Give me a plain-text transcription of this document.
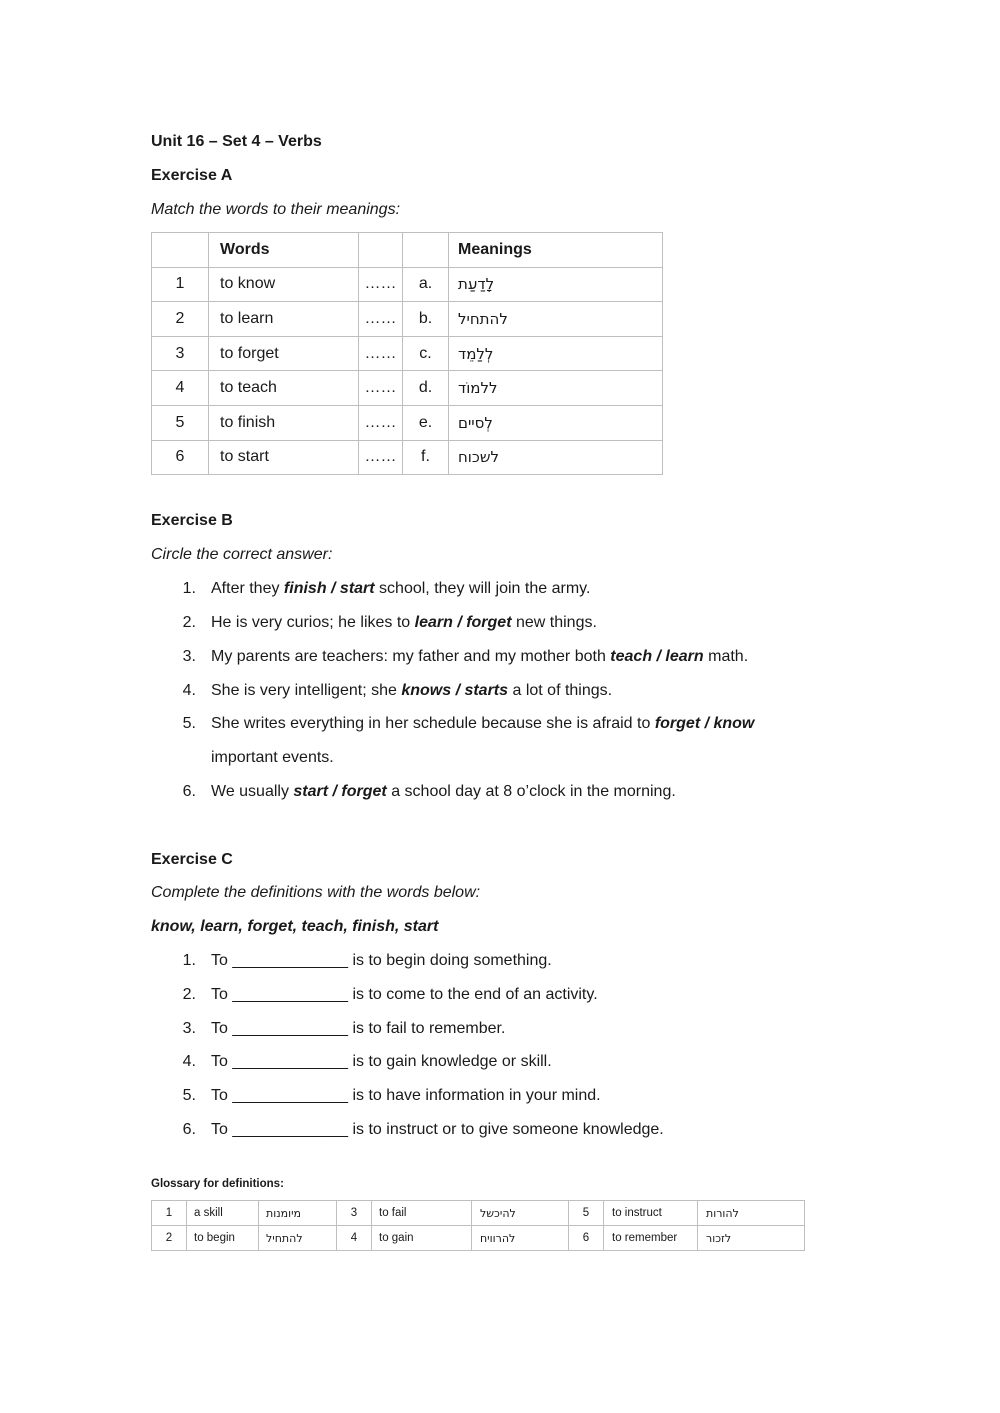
Unit 16 – Set 4 – Verbs
Exercise A
Match the words to their meanings:
	Words			Meanings
1	to know	……	a.	לָדַעַת
2	to learn	……	b.	להתחיל
3	to forget	……	c.	לְלַמֵד
4	to teach	……	d.	ללמוֹד
5	to finish	……	e.	לְסיים
6	to start	……	f.	לשכוח
Exercise B
Circle the correct answer:
1. After they finish / start school, they will join the army.
2. He is very curios; he likes to learn / forget new things.
3. My parents are teachers: my father and my mother both teach / learn math.
4. She is very intelligent; she knows / starts a lot of things.
5. She writes everything in her schedule because she is afraid to forget / know
important events.
6. We usually start / forget a school day at 8 o’clock in the morning.
Exercise C
Complete the definitions with the words below:
know, learn, forget, teach, finish, start
1. To _____________ is to begin doing something.
2. To _____________ is to come to the end of an activity.
3. To _____________ is to fail to remember.
4. To _____________ is to gain knowledge or skill.
5. To _____________ is to have information in your mind.
6. To _____________ is to instruct or to give someone knowledge.
Glossary for definitions:
1	a skill	מיומנות	3	to fail	להיכשל	5	to instruct	להורות
2	to begin	להתחיל	4	to gain	להרוויח	6	to remember	לזכור
